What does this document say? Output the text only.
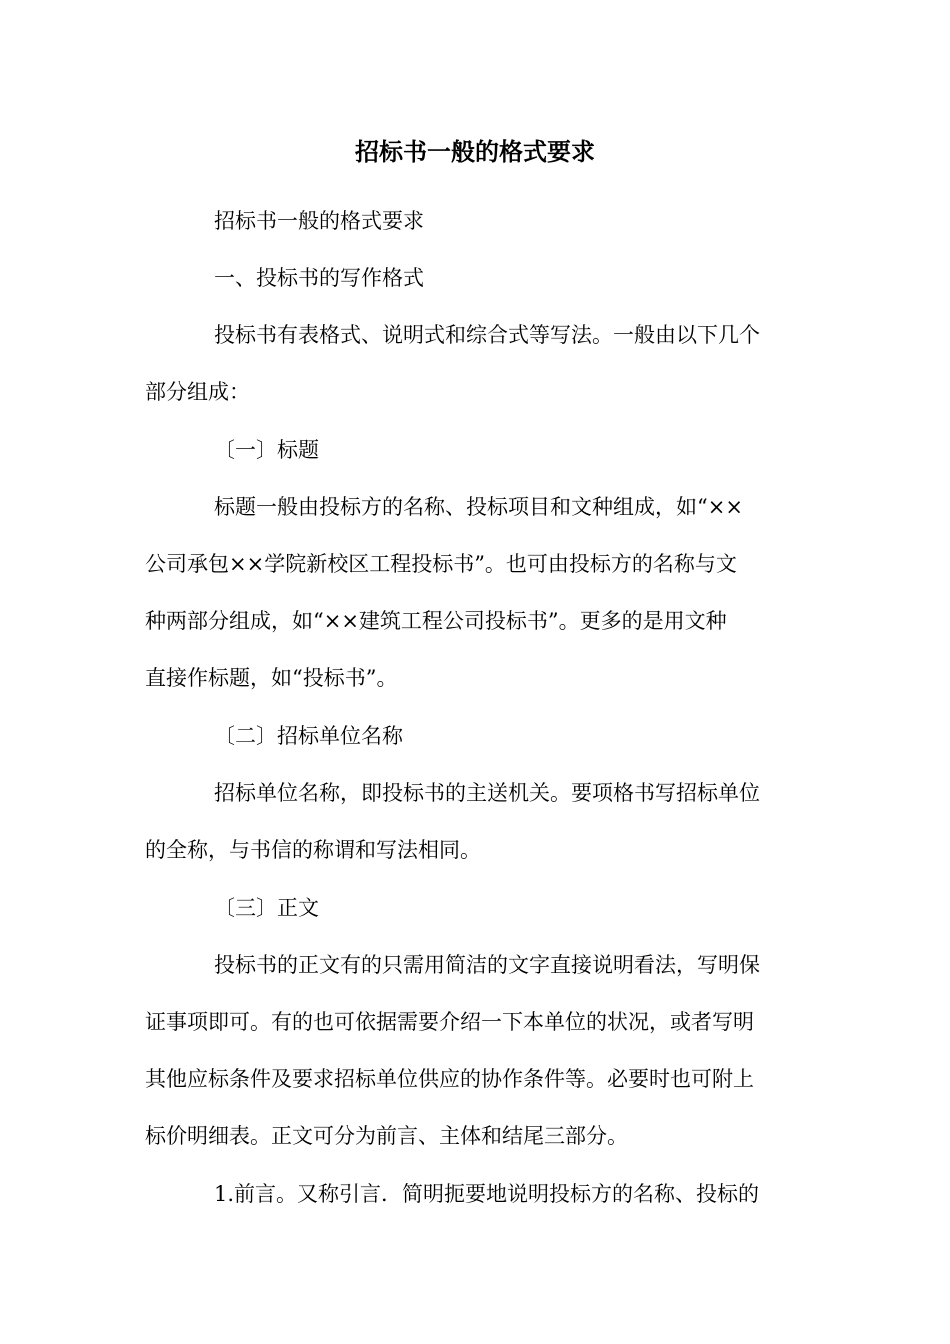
招标书一般的格式要求

招标书一般的格式要求

一、投标书的写作格式

投标书有表格式、说明式和综合式等写法。一般由以下几个

部分组成：

〔一〕标题

标题一般由投标方的名称、投标项目和文种组成，如“××

公司承包××学院新校区工程投标书”。也可由投标方的名称与文

种两部分组成，如“××建筑工程公司投标书”。更多的是用文种

直接作标题，如“投标书”。

〔二〕招标单位名称

招标单位名称，即投标书的主送机关。要项格书写招标单位

的全称，与书信的称谓和写法相同。

〔三〕正文

投标书的正文有的只需用简洁的文字直接说明看法，写明保

证事项即可。有的也可依据需要介绍一下本单位的状况，或者写明

其他应标条件及要求招标单位供应的协作条件等。必要时也可附上

标价明细表。正文可分为前言、主体和结尾三部分。

1.前言。又称引言．简明扼要地说明投标方的名称、投标的
